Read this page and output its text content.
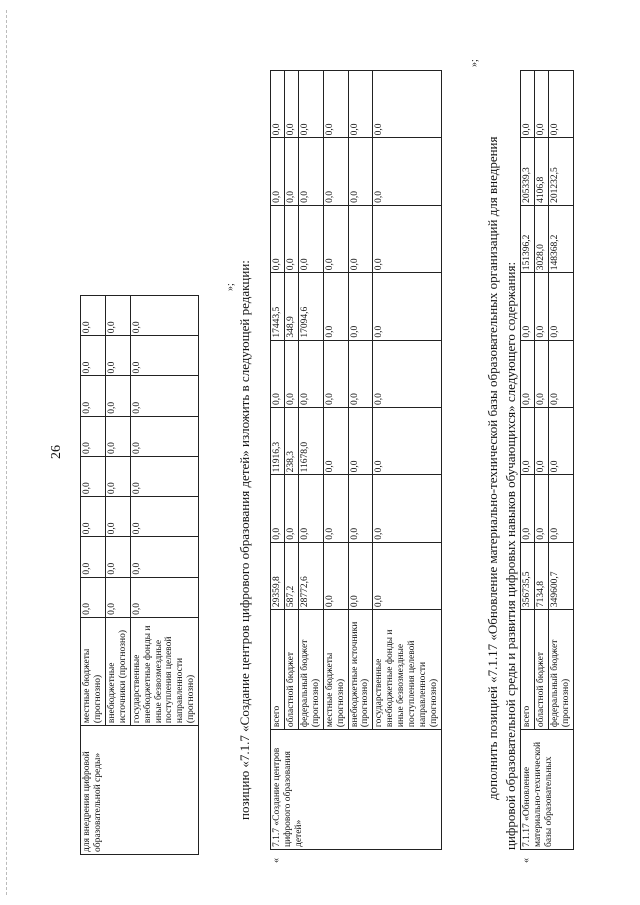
26
для внедрения цифровой образовательной среды»	местные бюджеты (прогнозно)	0,0	0,0	0,0	0,0	0,0	0,0	0,0	0,0
	внебюджетные источники (прогнозно)	0,0	0,0	0,0	0,0	0,0	0,0	0,0	0,0
	государственные внебюджетные фонды и иные безвозмездные поступления целевой направленности (прогнозно)	0,0	0,0	0,0	0,0	0,0	0,0	0,0	0,0
»; позицию «7.1.7 «Создание центров цифрового образования детей» изложить в следующей редакции:
«
7.1.7 «Создание центров цифрового образования детей»	всего	29359,8	0,0	11916,3	0,0	17443,5	0,0	0,0	0,0
	областной бюджет	587,2	0,0	238,3	0,0	348,9	0,0	0,0	0,0
	федеральный бюджет (прогнозно)	28772,6	0,0	11678,0	0,0	17094,6	0,0	0,0	0,0
	местные бюджеты (прогнозно)	0,0	0,0	0,0	0,0	0,0	0,0	0,0	0,0
	внебюджетные источники (прогнозно)	0,0	0,0	0,0	0,0	0,0	0,0	0,0	0,0
	государственные внебюджетные фонды и иные безвозмездные поступления целевой направленности (прогнозно)	0,0	0,0	0,0	0,0	0,0	0,0	0,0	0,0
»;
дополнить позицией «7.1.17 «Обновление материально-технической базы образовательных организаций для внедрения цифровой образовательной среды и развития цифровых навыков обучающихся» следующего содержания:
«
7.1.17 «Обновление материально-технической базы образовательных	всего	356735,5	0,0	0,0	0,0	0,0	151396,2	205339,3	0,0
	областной бюджет	7134,8	0,0	0,0	0,0	0,0	3028,0	4106,8	0,0
	федеральный бюджет (прогнозно)	349600,7	0,0	0,0	0,0	0,0	148368,2	201232,5	0,0
